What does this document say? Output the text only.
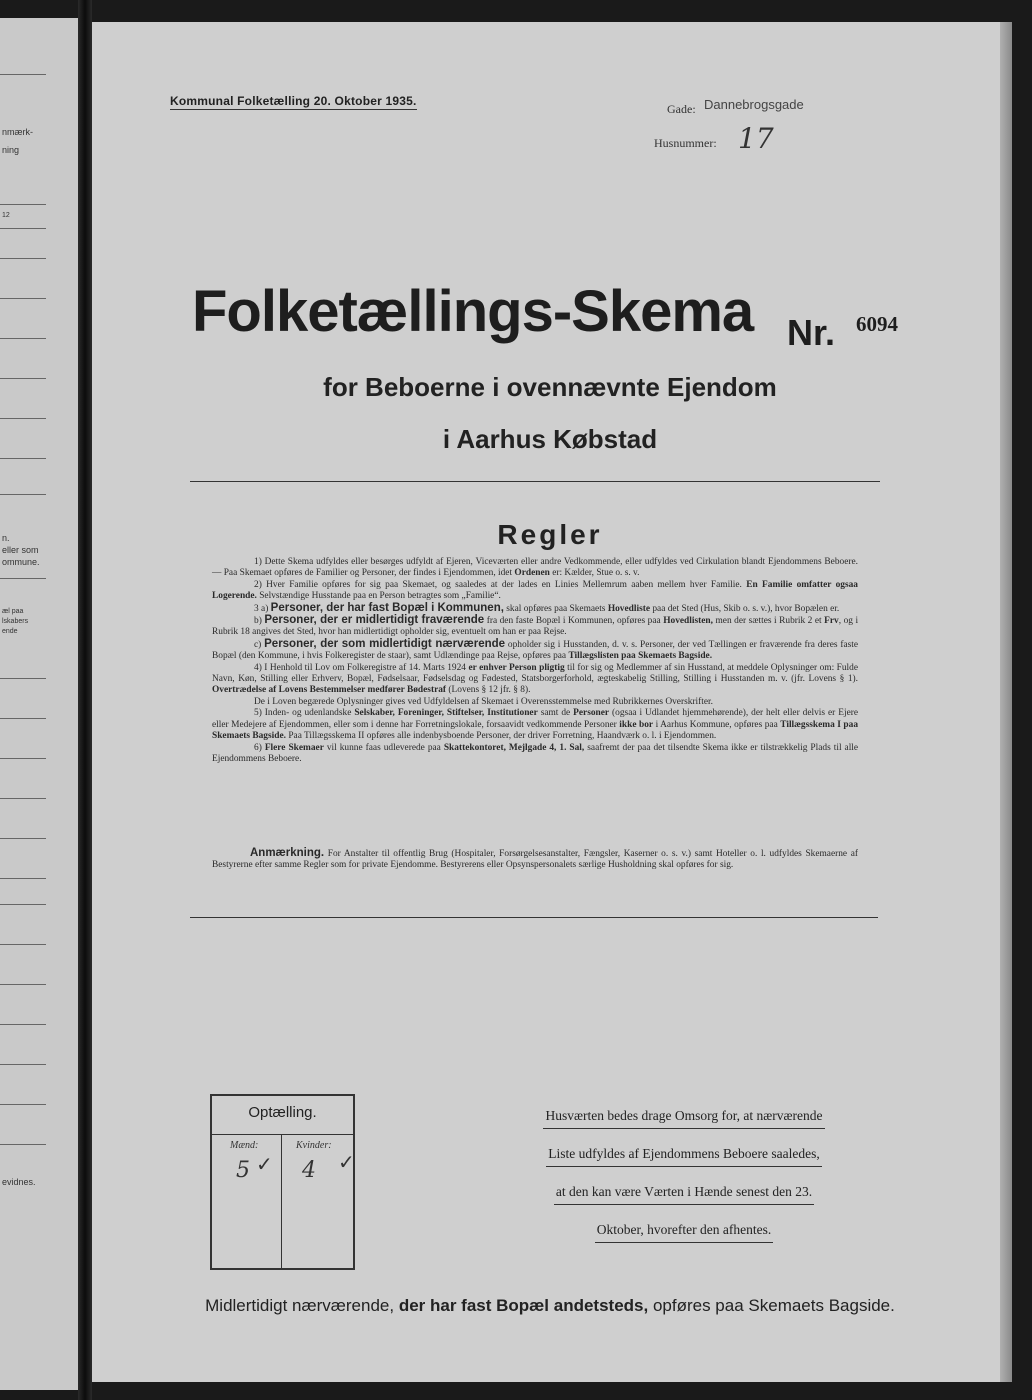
nmærk-
ning
12
n.
eller som
ommune.
æl paa
lskabers
ende
evidnes.
Kommunal Folketælling 20. Oktober 1935.
Gade: Dannebrogsgade
Husnummer: 17
Folketællings-Skema Nr. 6094
for Beboerne i ovennævnte Ejendom
i Aarhus Købstad
Regler

1) Dette Skema udfyldes eller besørges udfyldt af Ejeren, Viceværten eller andre Vedkommende, eller udfyldes ved Cirkulation blandt Ejendommens Beboere. — Paa Skemaet opføres de Familier og Personer, der findes i Ejendommen, idet Ordenen er: Kælder, Stue o. s. v.

2) Hver Familie opføres for sig paa Skemaet, og saaledes at der lades en Linies Mellemrum aaben mellem hver Familie. En Familie omfatter ogsaa Logerende. Selvstændige Husstande paa en Person betragtes som „Familie“.

3 a) Personer, der har fast Bopæl i Kommunen, skal opføres paa Skemaets Hovedliste paa det Sted (Hus, Skib o. s. v.), hvor Bopælen er.

b) Personer, der er midlertidigt fraværende fra den faste Bopæl i Kommunen, opføres paa Hovedlisten, men der sættes i Rubrik 2 et Frv, og i Rubrik 18 angives det Sted, hvor han midlertidigt opholder sig, eventuelt om han er paa Rejse.

c) Personer, der som midlertidigt nærværende opholder sig i Husstanden, d. v. s. Personer, der ved Tællingen er fraværende fra deres faste Bopæl (den Kommune, i hvis Folkeregister de staar), samt Udlændinge paa Rejse, opføres paa Tillægslisten paa Skemaets Bagside.

4) I Henhold til Lov om Folkeregistre af 14. Marts 1924 er enhver Person pligtig til for sig og Medlemmer af sin Husstand, at meddele Oplysninger om: Fulde Navn, Køn, Stilling eller Erhverv, Bopæl, Fødselsaar, Fødselsdag og Fødested, Statsborgerforhold, ægteskabelig Stilling, Stilling i Husstanden m. v. (jfr. Lovens § 1). Overtrædelse af Lovens Bestemmelser medfører Bødestraf (Lovens § 12 jfr. § 8).

De i Loven begærede Oplysninger gives ved Udfyldelsen af Skemaet i Overensstemmelse med Rubrikkernes Overskrifter.

5) Inden- og udenlandske Selskaber, Foreninger, Stiftelser, Institutioner samt de Personer (ogsaa i Udlandet hjemmehørende), der helt eller delvis er Ejere eller Medejere af Ejendommen, eller som i denne har Forretningslokale, forsaavidt vedkommende Personer ikke bor i Aarhus Kommune, opføres paa Tillægsskema I paa Skemaets Bagside. Paa Tillægsskema II opføres alle indenbysboende Personer, der driver Forretning, Haandværk o. l. i Ejendommen.

6) Flere Skemaer vil kunne faas udleverede paa Skattekontoret, Mejlgade 4, 1. Sal, saafremt der paa det tilsendte Skema ikke er tilstrækkelig Plads til alle Ejendommens Beboere.

Anmærkning. For Anstalter til offentlig Brug (Hospitaler, Forsørgelsesanstalter, Fængsler, Kaserner o. s. v.) samt Hoteller o. l. udfyldes Skemaerne af Bestyrerne efter samme Regler som for private Ejendomme. Bestyrerens eller Opsynspersonalets særlige Husholdning skal opføres for sig.

Optælling.
Mænd:	Kvinder:
5 ✓ 4 ✓
Husværten bedes drage Omsorg for, at nærværende Liste udfyldes af Ejendommens Beboere saaledes, at den kan være Værten i Hænde senest den 23. Oktober, hvorefter den afhentes.
Midlertidigt nærværende, der har fast Bopæl andetsteds, opføres paa Skemaets Bagside.
